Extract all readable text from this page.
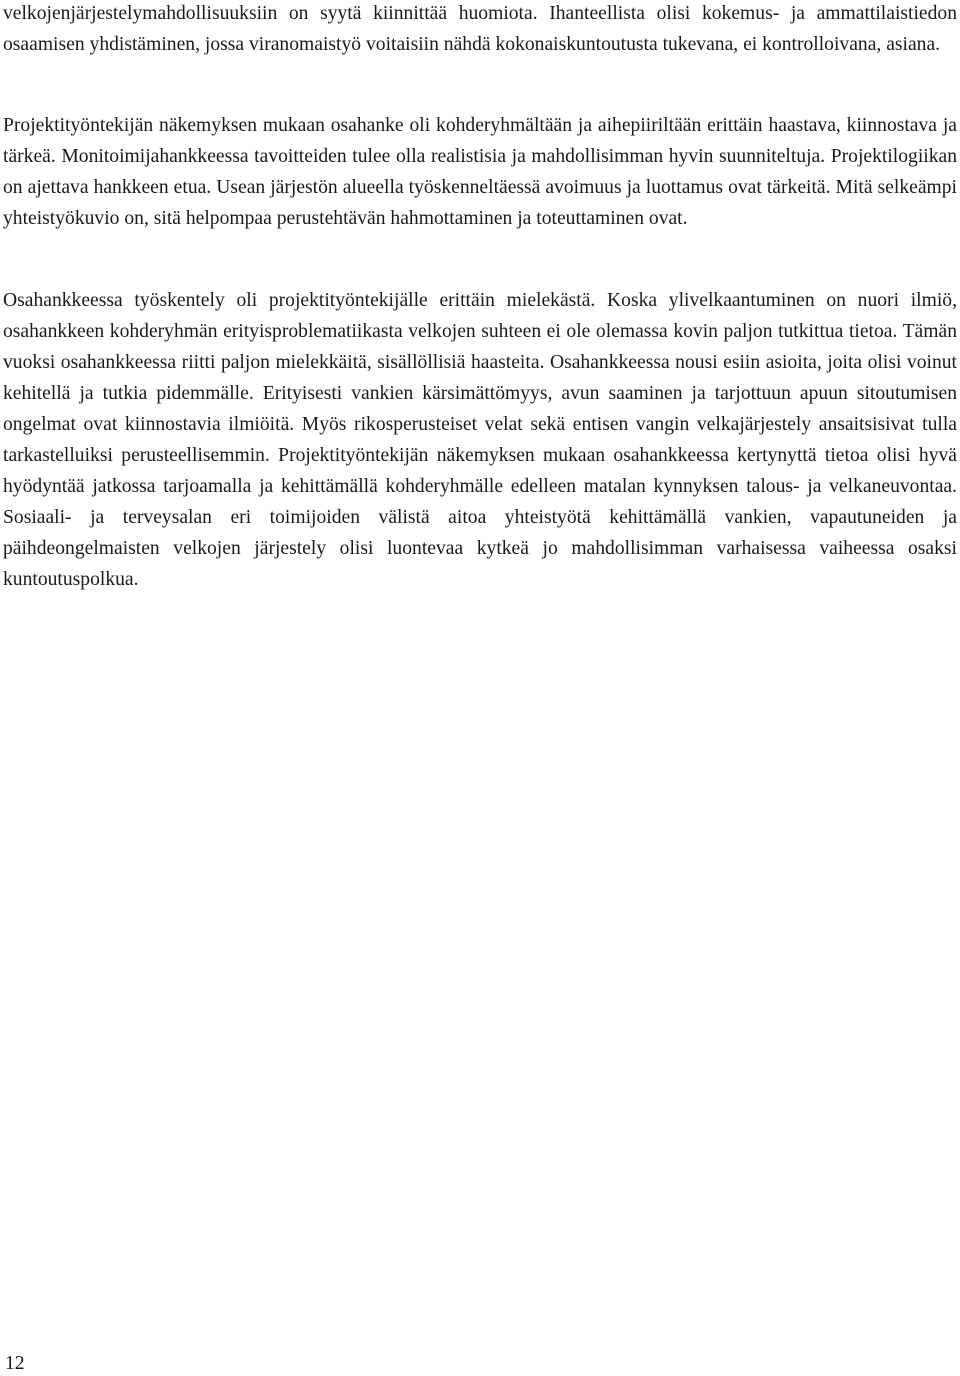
velkojenjärjestelymahdollisuuksiin on syytä kiinnittää huomiota. Ihanteellista olisi kokemus- ja ammattilaistiedon osaamisen yhdistäminen, jossa viranomaistyö voitaisiin nähdä kokonaiskuntoutusta tukevana, ei kontrolloivana, asiana.

Projektityöntekijän näkemyksen mukaan osahanke oli kohderyhmältään ja aihepiiriltään erittäin haastava, kiinnostava ja tärkeä. Monitoimijahankkeessa tavoitteiden tulee olla realistisia ja mahdollisimman hyvin suunniteltuja. Projektilogiikan on ajettava hankkeen etua. Usean järjestön alueella työskenneltäessä avoimuus ja luottamus ovat tärkeitä. Mitä selkeämpi yhteistyökuvio on, sitä helpompaa perustehtävän hahmottaminen ja toteuttaminen ovat.

Osahankkeessa työskentely oli projektityöntekijälle erittäin mielekästä. Koska ylivelkaantuminen on nuori ilmiö, osahankkeen kohderyhmän erityisproblematiikasta velkojen suhteen ei ole olemassa kovin paljon tutkittua tietoa. Tämän vuoksi osahankkeessa riitti paljon mielekkäitä, sisällöllisiä haasteita. Osahankkeessa nousi esiin asioita, joita olisi voinut kehitellä ja tutkia pidemmälle. Erityisesti vankien kärsimättömyys, avun saaminen ja tarjottuun apuun sitoutumisen ongelmat ovat kiinnostavia ilmiöitä. Myös rikosperusteiset velat sekä entisen vangin velkajärjestely ansaitsisivat tulla tarkastelluiksi perusteellisemmin. Projektityöntekijän näkemyksen mukaan osahankkeessa kertynyttä tietoa olisi hyvä hyödyntää jatkossa tarjoamalla ja kehittämällä kohderyhmälle edelleen matalan kynnyksen talous- ja velkaneuvontaa. Sosiaali- ja terveysalan eri toimijoiden välistä aitoa yhteistyötä kehittämällä vankien, vapautuneiden ja päihdeongelmaisten velkojen järjestely olisi luontevaa kytkeä jo mahdollisimman varhaisessa vaiheessa osaksi kuntoutuspolkua.

12
